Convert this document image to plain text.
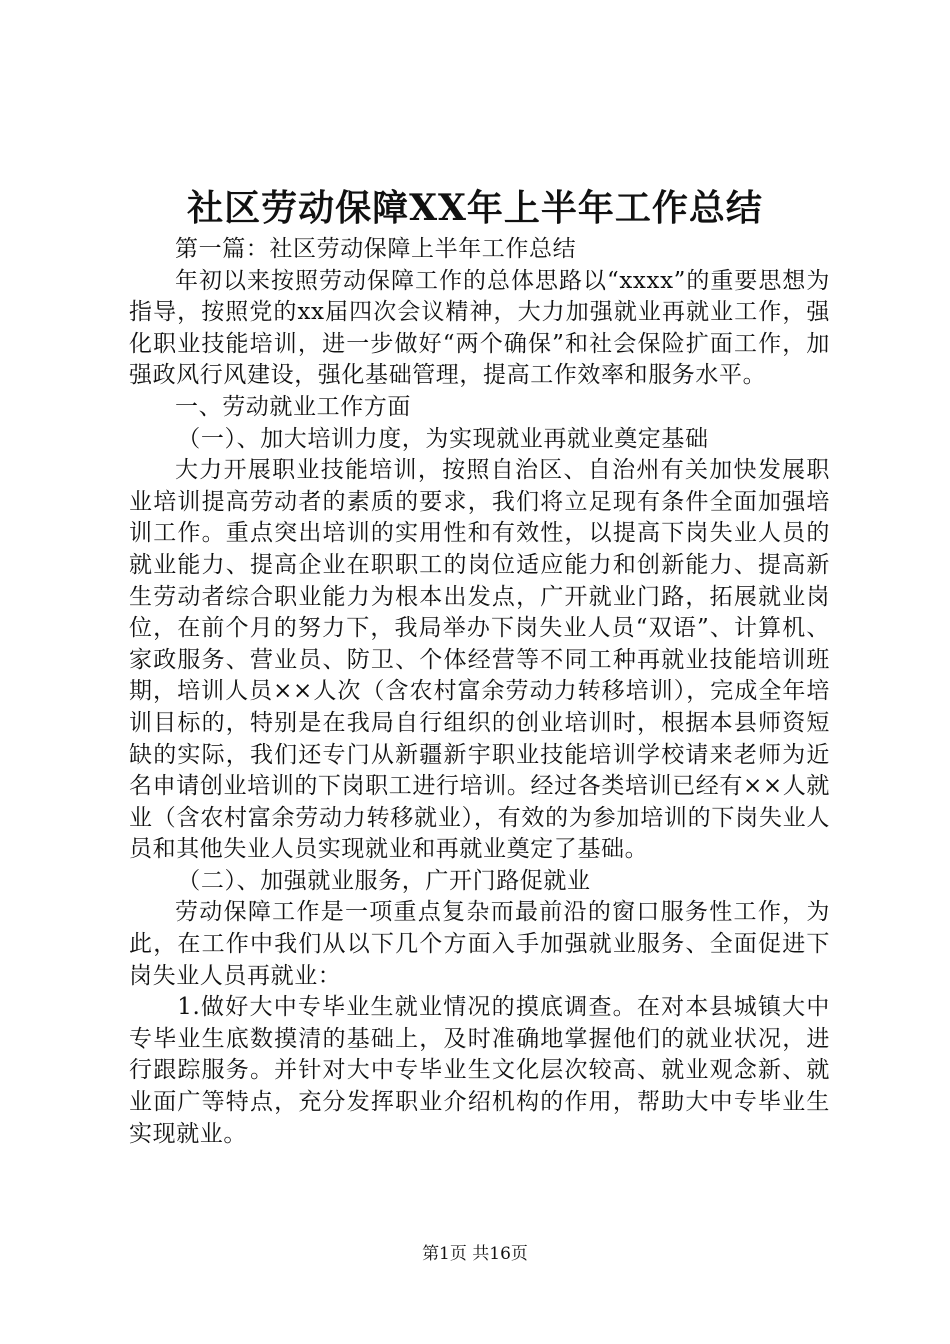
社区劳动保障XX年上半年工作总结

第一篇：社区劳动保障上半年工作总结

年初以来按照劳动保障工作的总体思路以“xxxx”的重要思想为指导，按照党的xx届四次会议精神，大力加强就业再就业工作，强化职业技能培训，进一步做好“两个确保”和社会保险扩面工作，加强政风行风建设，强化基础管理，提高工作效率和服务水平。

一、劳动就业工作方面

（一）、加大培训力度，为实现就业再就业奠定基础

大力开展职业技能培训，按照自治区、自治州有关加快发展职业培训提高劳动者的素质的要求，我们将立足现有条件全面加强培训工作。重点突出培训的实用性和有效性，以提高下岗失业人员的就业能力、提高企业在职职工的岗位适应能力和创新能力、提高新生劳动者综合职业能力为根本出发点，广开就业门路，拓展就业岗位，在前个月的努力下，我局举办下岗失业人员“双语”、计算机、家政服务、营业员、防卫、个体经营等不同工种再就业技能培训班期，培训人员××人次（含农村富余劳动力转移培训），完成全年培训目标的，特别是在我局自行组织的创业培训时，根据本县师资短缺的实际，我们还专门从新疆新宇职业技能培训学校请来老师为近名申请创业培训的下岗职工进行培训。经过各类培训已经有××人就业（含农村富余劳动力转移就业），有效的为参加培训的下岗失业人员和其他失业人员实现就业和再就业奠定了基础。

（二）、加强就业服务，广开门路促就业

劳动保障工作是一项重点复杂而最前沿的窗口服务性工作，为此，在工作中我们从以下几个方面入手加强就业服务、全面促进下岗失业人员再就业：

1.做好大中专毕业生就业情况的摸底调查。在对本县城镇大中专毕业生底数摸清的基础上，及时准确地掌握他们的就业状况，进行跟踪服务。并针对大中专毕业生文化层次较高、就业观念新、就业面广等特点，充分发挥职业介绍机构的作用，帮助大中专毕业生实现就业。

第1页 共16页
